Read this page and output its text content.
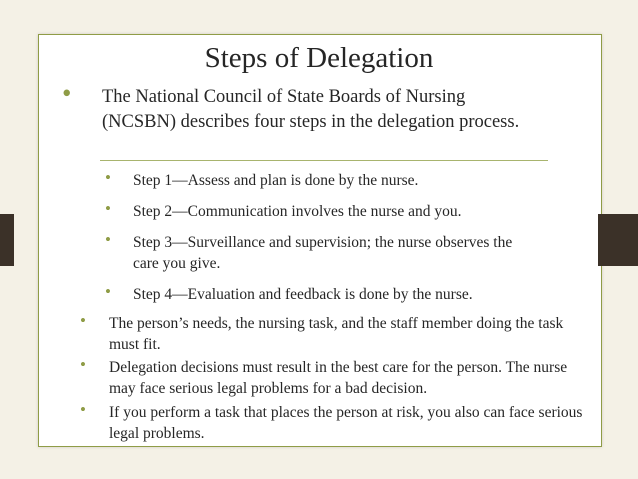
Steps of Delegation
• The National Council of State Boards of Nursing (NCSBN) describes four steps in the delegation process.
• Step 1—Assess and plan is done by the nurse.
• Step 2—Communication involves the nurse and you.
• Step 3—Surveillance and supervision; the nurse observes the care you give.
• Step 4—Evaluation and feedback is done by the nurse.
• The person’s needs, the nursing task, and the staff member doing the task must fit.
• Delegation decisions must result in the best care for the person. The nurse may face serious legal problems for a bad decision.
• If you perform a task that places the person at risk, you also can face serious legal problems.
